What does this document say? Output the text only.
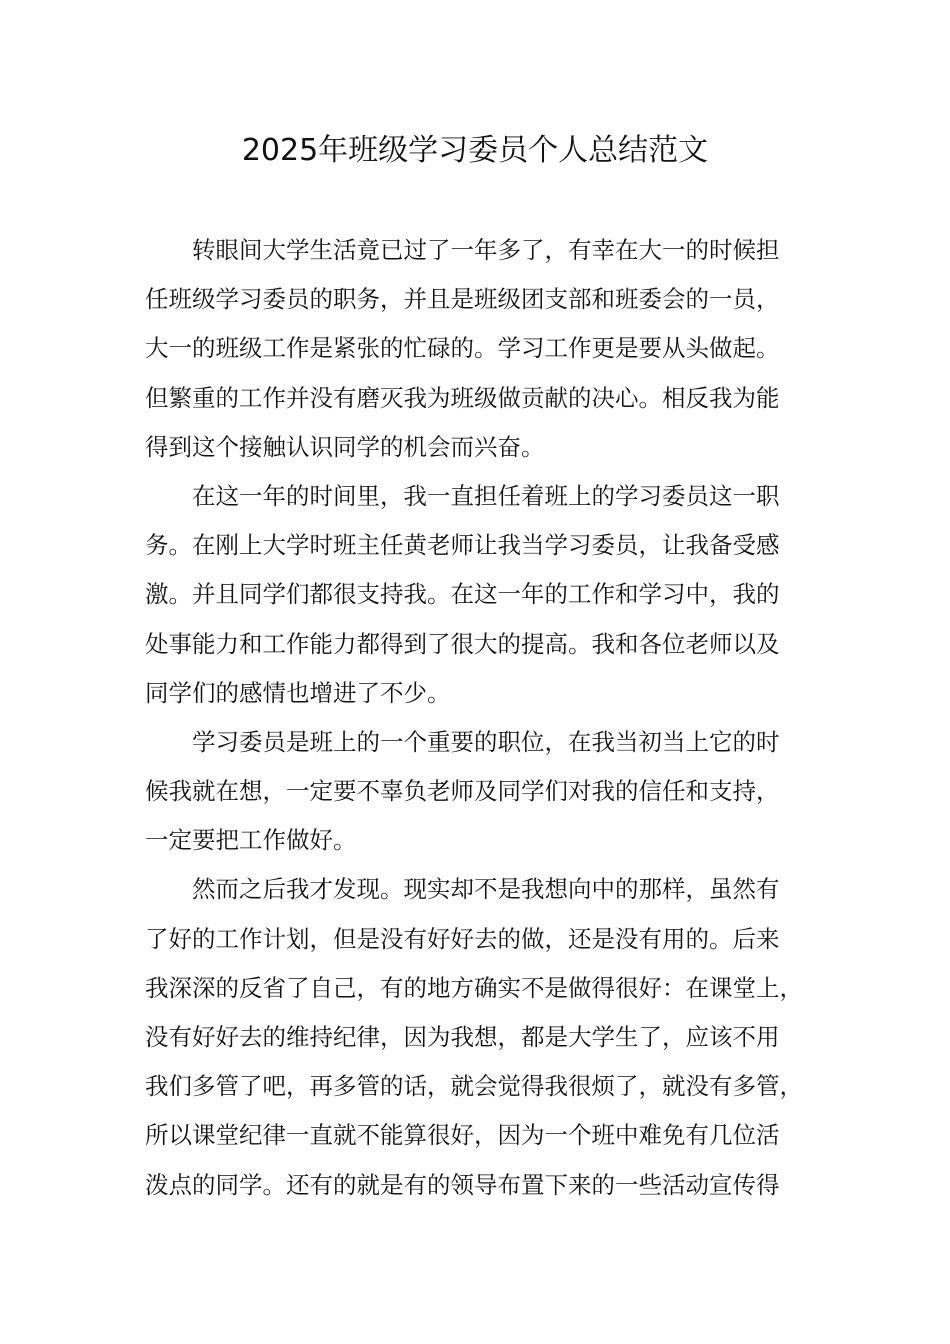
2025年班级学习委员个人总结范文
转眼间大学生活竟已过了一年多了，有幸在大一的时候担
任班级学习委员的职务，并且是班级团支部和班委会的一员，
大一的班级工作是紧张的忙碌的。学习工作更是要从头做起。
但繁重的工作并没有磨灭我为班级做贡献的决心。相反我为能
得到这个接触认识同学的机会而兴奋。
在这一年的时间里，我一直担任着班上的学习委员这一职
务。在刚上大学时班主任黄老师让我当学习委员，让我备受感
激。并且同学们都很支持我。在这一年的工作和学习中，我的
处事能力和工作能力都得到了很大的提高。我和各位老师以及
同学们的感情也增进了不少。
学习委员是班上的一个重要的职位，在我当初当上它的时
候我就在想，一定要不辜负老师及同学们对我的信任和支持，
一定要把工作做好。
然而之后我才发现。现实却不是我想向中的那样，虽然有
了好的工作计划，但是没有好好去的做，还是没有用的。后来
我深深的反省了自己，有的地方确实不是做得很好：在课堂上，
没有好好去的维持纪律，因为我想，都是大学生了，应该不用
我们多管了吧，再多管的话，就会觉得我很烦了，就没有多管，
所以课堂纪律一直就不能算很好，因为一个班中难免有几位活
泼点的同学。还有的就是有的领导布置下来的一些活动宣传得
